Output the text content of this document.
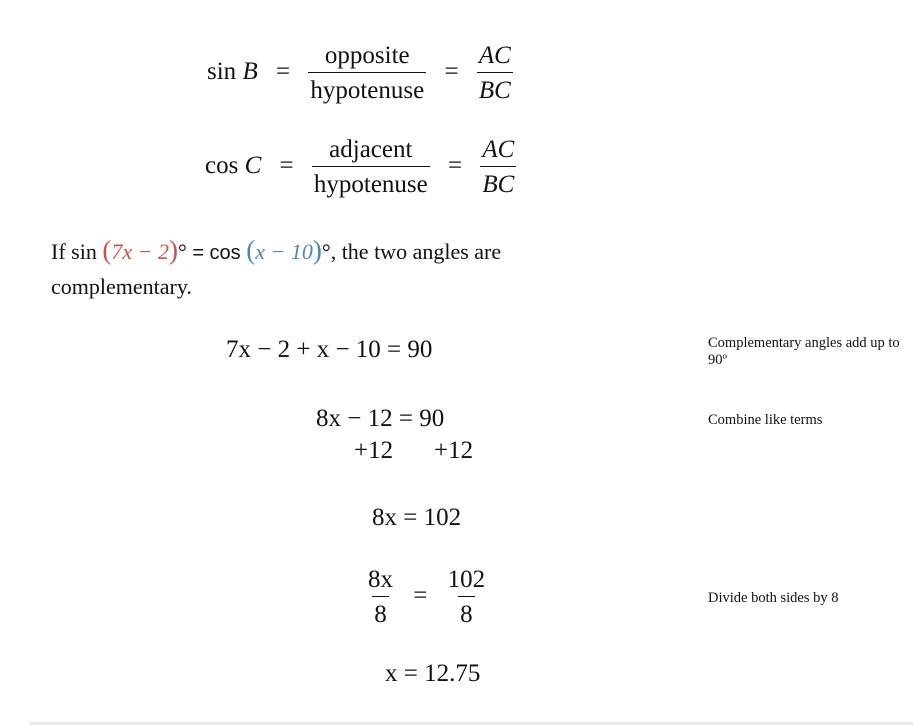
$\sin B = \frac{\text{opposite}}{\text{hypotenuse}} = \frac{AC}{BC}$
$\cos C = \frac{\text{adjacent}}{\text{hypotenuse}} = \frac{AC}{BC}$
If sin (7x − 2)° = cos (x − 10)°, the two angles are complementary.
7x − 2 + x − 10 = 90	Complementary angles add up to 90º
8x − 12 = 90
+12 +12
Combine like terms
8x = 102
$\frac{8x}{8} = \frac{102}{8}$	Divide both sides by 8
x = 12.75
